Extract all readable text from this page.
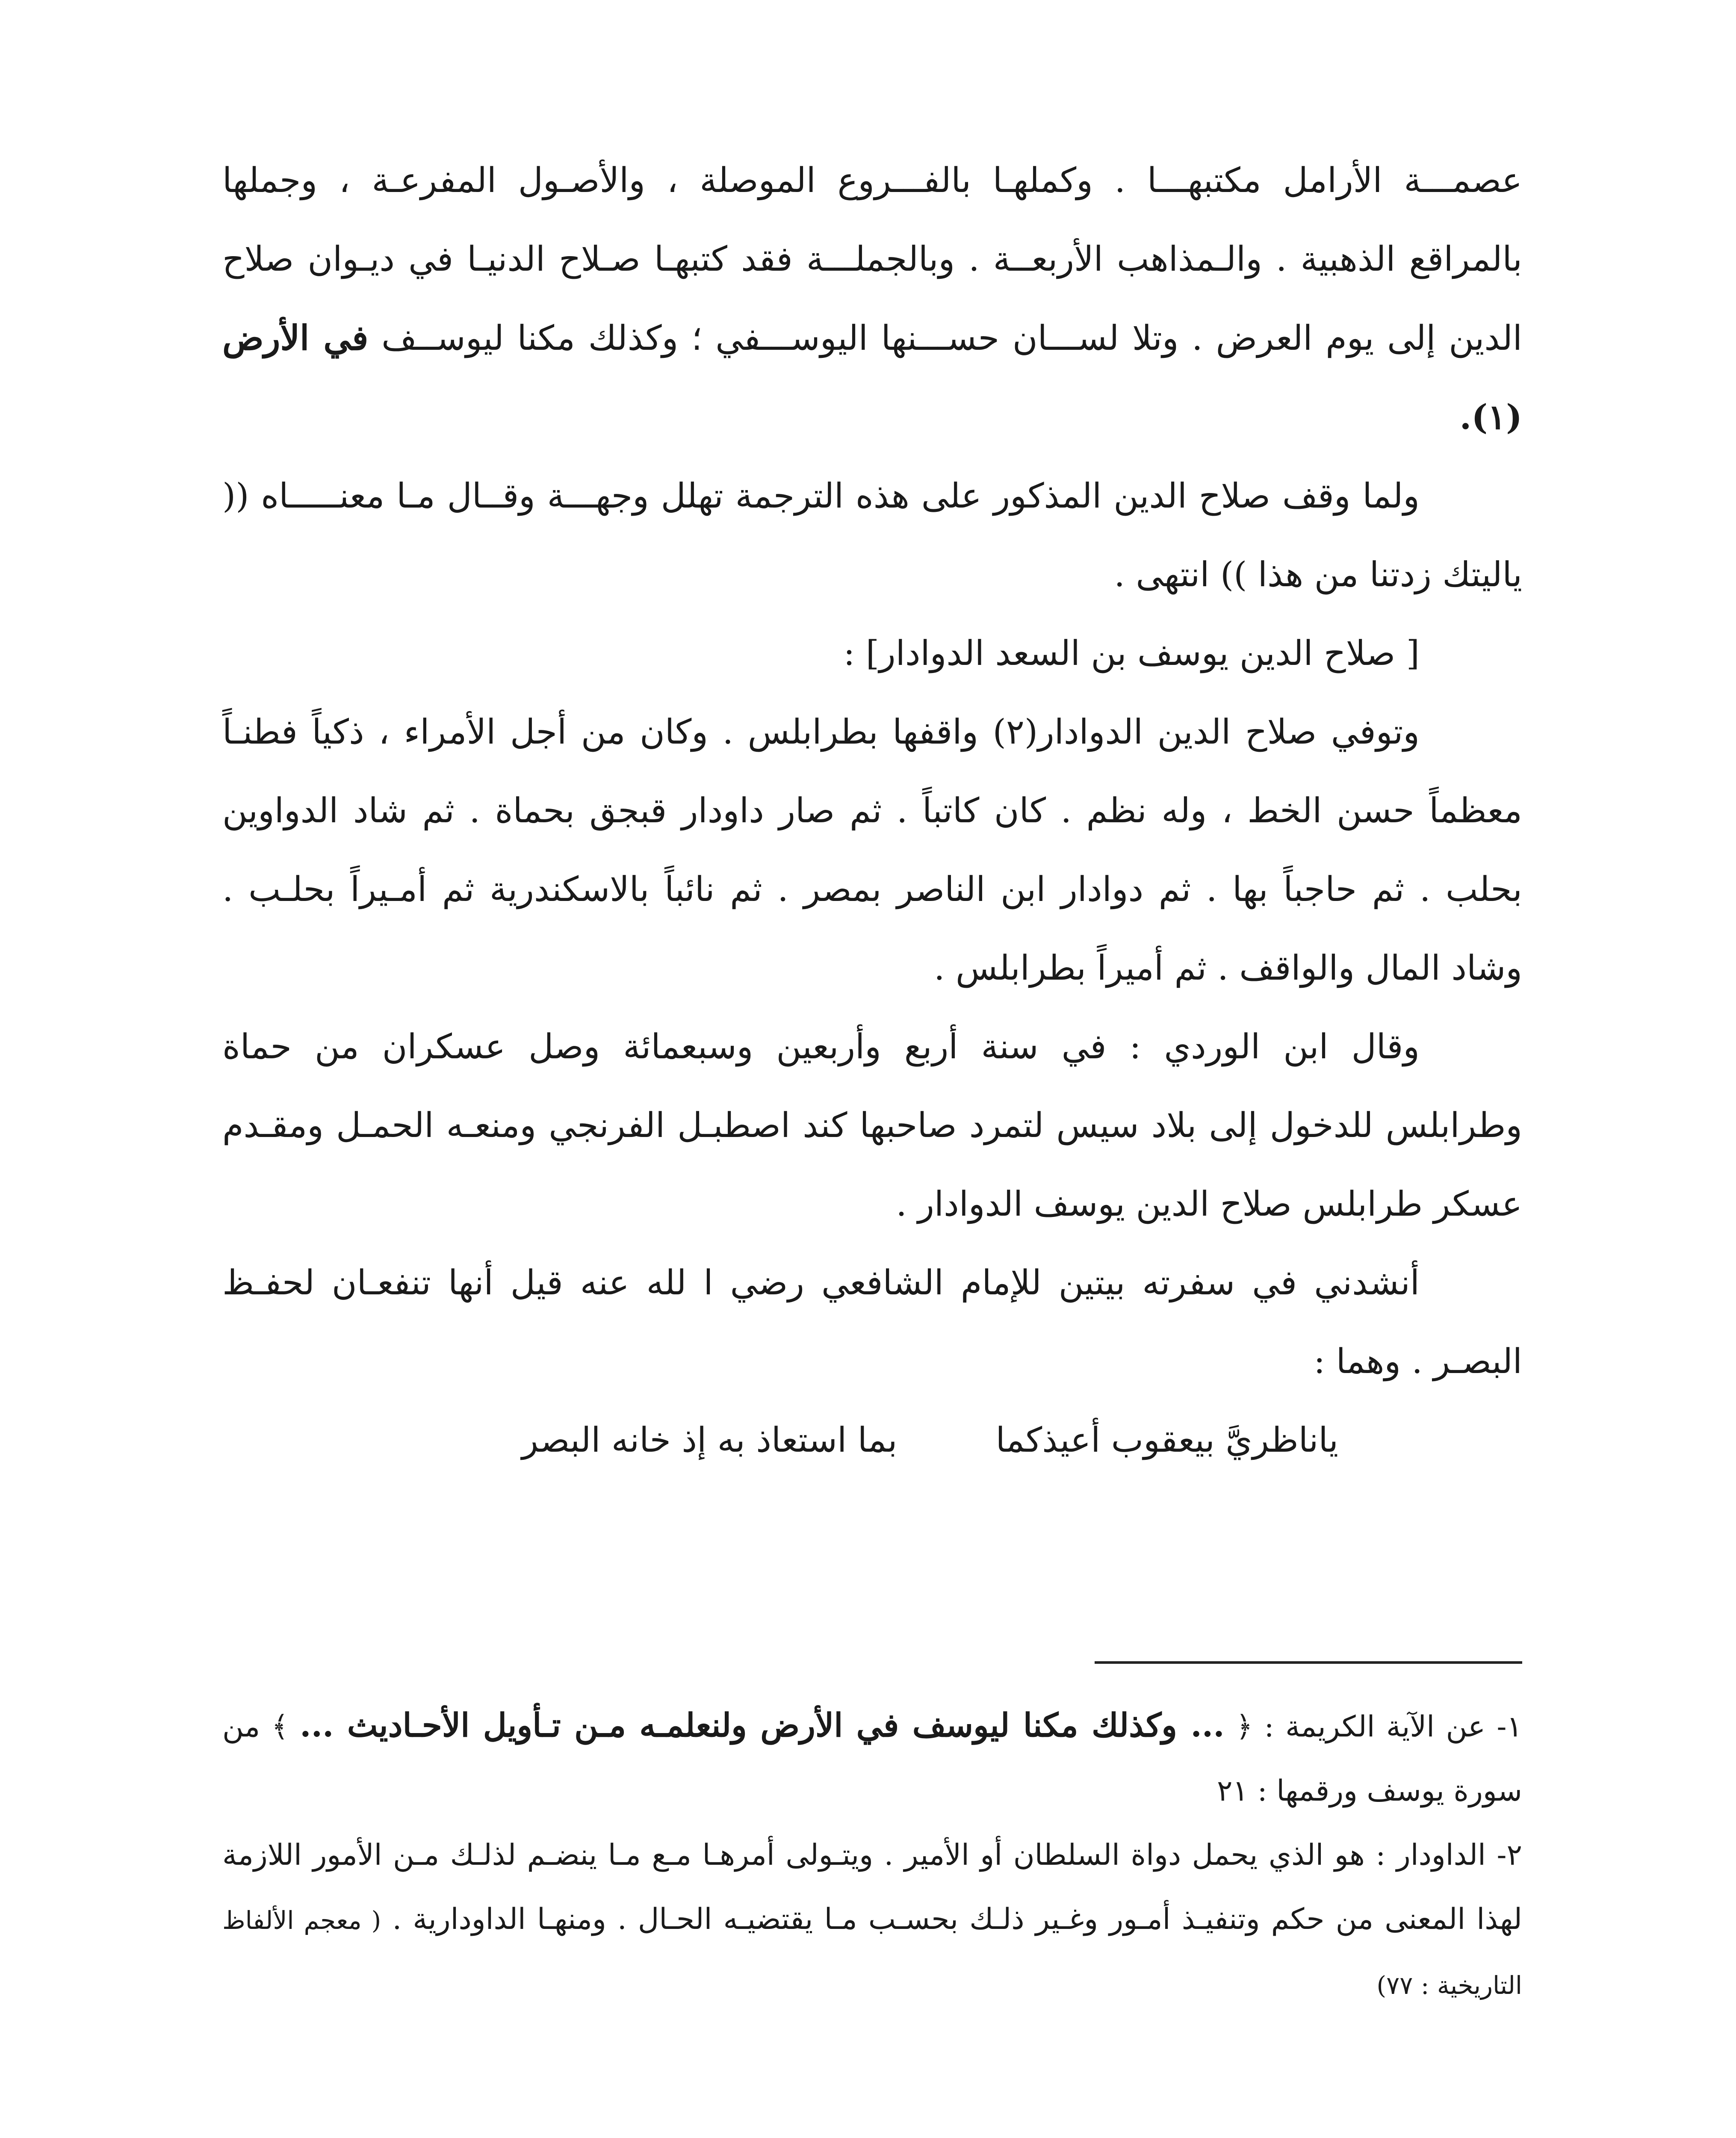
عصمـــة الأرامل مكتبهـــا . وكملهـا بالفـــروع الموصلة ، والأصـول المفرعـة ، وجملها بالمراقع الذهبية . والـمذاهب الأربعــة . وبالجملـــة فقد كتبهـا صـلاح الدنيـا في ديـوان صلاح الدين إلى يوم العرض . وتلا لســـان حســـنها اليوســـفي ؛ وكذلك مكنا ليوســف في الأرض (١).

ولما وقف صلاح الدين المذكور على هذه الترجمة تهلل وجهـــة وقــال مـا معنـــــاه (( ياليتك زدتنا من هذا )) انتهى .

[ صلاح الدين يوسف بن السعد الدوادار] :

وتوفي صلاح الدين الدوادار(٢) واقفها بطرابلس . وكان من أجل الأمراء ، ذكياً فطنـاً معظماً حسن الخط ، وله نظم . كان كاتباً . ثم صار داودار قبجق بحماة . ثم شاد الدواوين بحلب . ثم حاجباً بها . ثم دوادار ابن الناصر بمصر . ثم نائباً بالاسكندرية ثم أمـيراً بحلـب . وشاد المال والواقف . ثم أميراً بطرابلس .

وقال ابن الوردي : في سنة أربع وأربعين وسبعمائة وصل عسكران من حماة وطرابلس للدخول إلى بلاد سيس لتمرد صاحبها كند اصطبـل الفرنجي ومنعـه الحمـل ومقـدم عسكر طرابلس صلاح الدين يوسف الدوادار .

أنشدني في سفرته بيتين للإمام الشافعي رضي ا لله عنه قيل أنها تنفعـان لحفـظ البصـر . وهما :

ياناظريَّ بيعقوب أعيذكما
بما استعاذ به إذ خانه البصر

١- عن الآية الكريمة : ﴿ ... وكذلك مكنا ليوسف في الأرض ولنعلمـه مـن تـأويل الأحـاديث ... ﴾ من سورة يوسف ورقمها : ٢١

٢- الداودار : هو الذي يحمل دواة السلطان أو الأمير . ويتـولى أمرهـا مـع مـا ينضـم لذلـك مـن الأمور اللازمة لهذا المعنى من حكم وتنفيـذ أمـور وغـير ذلـك بحسـب مـا يقتضيـه الحـال . ومنهـا الداودارية . ( معجم الألفاظ التاريخية : ٧٧)
